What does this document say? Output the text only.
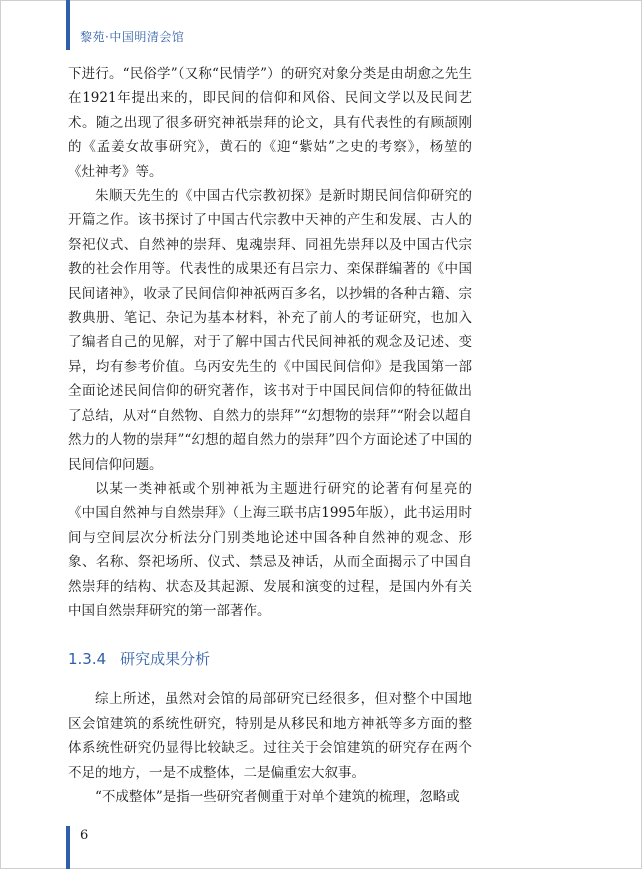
黎苑·中国明清会馆

下进行。“民俗学”（又称“民情学”）的研究对象分类是由胡愈之先生在1921年提出来的，即民间的信仰和风俗、民间文学以及民间艺术。随之出现了很多研究神祇崇拜的论文，具有代表性的有顾颉刚的《孟姜女故事研究》，黄石的《迎“紫姑”之史的考察》，杨堃的《灶神考》等。

朱顺天先生的《中国古代宗教初探》是新时期民间信仰研究的开篇之作。该书探讨了中国古代宗教中天神的产生和发展、古人的祭祀仪式、自然神的崇拜、鬼魂崇拜、同祖先崇拜以及中国古代宗教的社会作用等。代表性的成果还有吕宗力、栾保群编著的《中国民间诸神》，收录了民间信仰神祇两百多名，以抄辑的各种古籍、宗教典册、笔记、杂记为基本材料，补充了前人的考证研究，也加入了编者自己的见解，对于了解中国古代民间神祇的观念及记述、变异，均有参考价值。乌丙安先生的《中国民间信仰》是我国第一部全面论述民间信仰的研究著作，该书对于中国民间信仰的特征做出了总结，从对“自然物、自然力的崇拜”“幻想物的崇拜”“附会以超自然力的人物的崇拜”“幻想的超自然力的崇拜”四个方面论述了中国的民间信仰问题。

以某一类神祇或个别神祇为主题进行研究的论著有何星亮的《中国自然神与自然崇拜》（上海三联书店1995年版），此书运用时间与空间层次分析法分门别类地论述中国各种自然神的观念、形象、名称、祭祀场所、仪式、禁忌及神话，从而全面揭示了中国自然崇拜的结构、状态及其起源、发展和演变的过程，是国内外有关中国自然崇拜研究的第一部著作。

1.3.4 研究成果分析

综上所述，虽然对会馆的局部研究已经很多，但对整个中国地区会馆建筑的系统性研究，特别是从移民和地方神祇等多方面的整体系统性研究仍显得比较缺乏。过往关于会馆建筑的研究存在两个不足的地方，一是不成整体，二是偏重宏大叙事。

“不成整体”是指一些研究者侧重于对单个建筑的梳理，忽略或

6
